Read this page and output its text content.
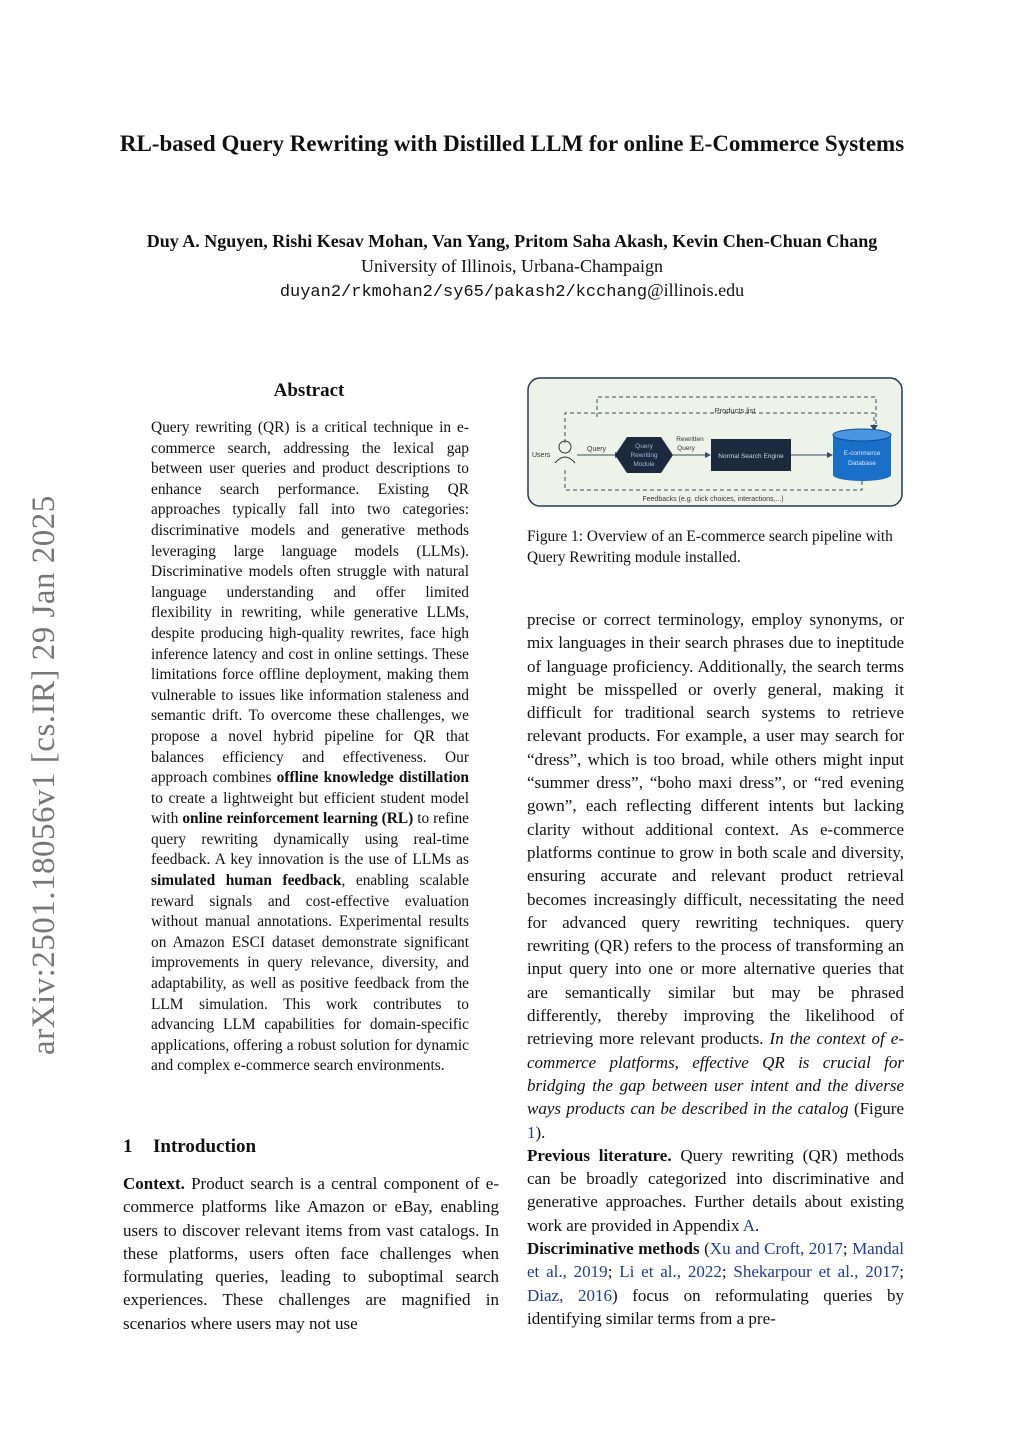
RL-based Query Rewriting with Distilled LLM for online E-Commerce Systems
Duy A. Nguyen, Rishi Kesav Mohan, Van Yang, Pritom Saha Akash, Kevin Chen-Chuan Chang
University of Illinois, Urbana-Champaign
duyan2/rkmohan2/sy65/pakash2/kcchang@illinois.edu
arXiv:2501.18056v1 [cs.IR] 29 Jan 2025
Abstract
Query rewriting (QR) is a critical technique in e-commerce search, addressing the lexical gap between user queries and product descriptions to enhance search performance. Existing QR approaches typically fall into two categories: discriminative models and generative methods leveraging large language models (LLMs). Discriminative models often struggle with natural language understanding and offer limited flexibility in rewriting, while generative LLMs, despite producing high-quality rewrites, face high inference latency and cost in online settings. These limitations force offline deployment, making them vulnerable to issues like information staleness and semantic drift. To overcome these challenges, we propose a novel hybrid pipeline for QR that balances efficiency and effectiveness. Our approach combines offline knowledge distillation to create a lightweight but efficient student model with online reinforcement learning (RL) to refine query rewriting dynamically using real-time feedback. A key innovation is the use of LLMs as simulated human feedback, enabling scalable reward signals and cost-effective evaluation without manual annotations. Experimental results on Amazon ESCI dataset demonstrate significant improvements in query relevance, diversity, and adaptability, as well as positive feedback from the LLM simulation. This work contributes to advancing LLM capabilities for domain-specific applications, offering a robust solution for dynamic and complex e-commerce search environments.
1 Introduction
Context. Product search is a central component of e-commerce platforms like Amazon or eBay, enabling users to discover relevant items from vast catalogs. In these platforms, users often face challenges when formulating queries, leading to suboptimal search experiences. These challenges are magnified in scenarios where users may not use
Products list
Users
Query	Query
Rewriting
Module
Rewritten
Query
Normal Search Engine	E-commerce
Database
Feedbacks (e.g. click choices, interactions,...)
Figure 1: Overview of an E-commerce search pipeline with Query Rewriting module installed.

precise or correct terminology, employ synonyms, or mix languages in their search phrases due to ineptitude of language proficiency. Additionally, the search terms might be misspelled or overly general, making it difficult for traditional search systems to retrieve relevant products. For example, a user may search for “dress”, which is too broad, while others might input “summer dress”, “boho maxi dress”, or “red evening gown”, each reflecting different intents but lacking clarity without additional context. As e-commerce platforms continue to grow in both scale and diversity, ensuring accurate and relevant product retrieval becomes increasingly difficult, necessitating the need for advanced query rewriting techniques. query rewriting (QR) refers to the process of transforming an input query into one or more alternative queries that are semantically similar but may be phrased differently, thereby improving the likelihood of retrieving more relevant products. In the context of e-commerce platforms, effective QR is crucial for bridging the gap between user intent and the diverse ways products can be described in the catalog (Figure 1).

Previous literature. Query rewriting (QR) methods can be broadly categorized into discriminative and generative approaches. Further details about existing work are provided in Appendix A.

Discriminative methods (Xu and Croft, 2017; Mandal et al., 2019; Li et al., 2022; Shekarpour et al., 2017; Diaz, 2016) focus on reformulating queries by identifying similar terms from a pre-
